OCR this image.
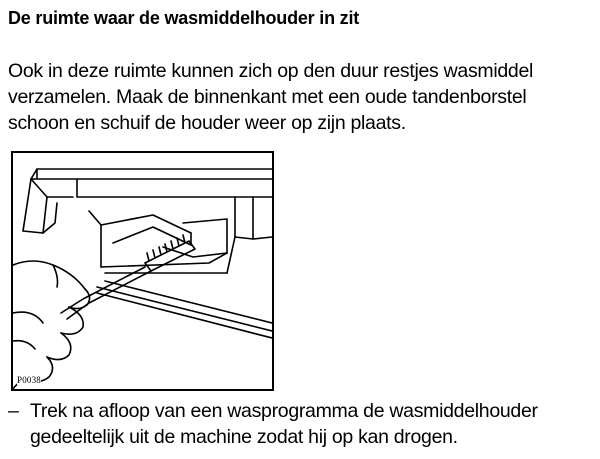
De ruimte waar de wasmiddelhouder in zit
Ook in deze ruimte kunnen zich op den duur restjes wasmiddel
verzamelen. Maak de binnenkant met een oude tandenborstel
schoon en schuif de houder weer op zijn plaats.
P0038
– Trek na afloop van een wasprogramma de wasmiddelhouder
gedeeltelijk uit de machine zodat hij op kan drogen.
